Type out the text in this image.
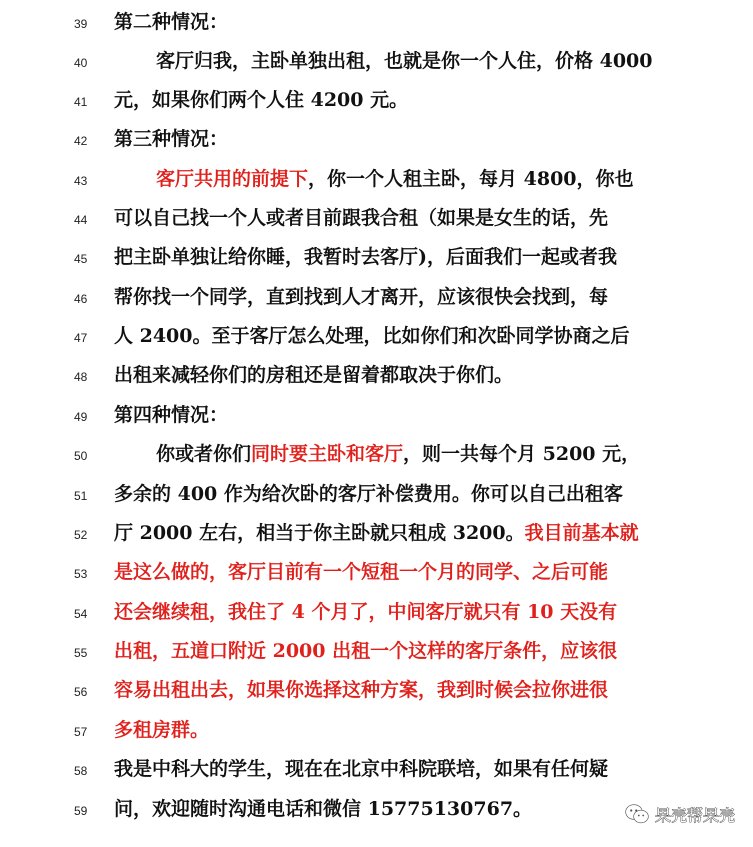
39	第二种情况：
40	客厅归我，主卧单独出租，也就是你一个人住，价格 4000
41	元，如果你们两个人住 4200 元。
42	第三种情况：
43	客厅共用的前提下，你一个人租主卧，每月 4800，你也
44	可以自己找一个人或者目前跟我合租（如果是女生的话，先
45	把主卧单独让给你睡，我暂时去客厅)，后面我们一起或者我
46	帮你找一个同学，直到找到人才离开，应该很快会找到，每
47	人 2400。至于客厅怎么处理，比如你们和次卧同学协商之后
48	出租来减轻你们的房租还是留着都取决于你们。
49	第四种情况：
50	你或者你们同时要主卧和客厅，则一共每个月 5200 元，
51	多余的 400 作为给次卧的客厅补偿费用。你可以自己出租客
52	厅 2000 左右，相当于你主卧就只租成 3200。我目前基本就
53	是这么做的，客厅目前有一个短租一个月的同学、之后可能
54	还会继续租，我住了 4 个月了，中间客厅就只有 10 天没有
55	出租，五道口附近 2000 出租一个这样的客厅条件，应该很
56	容易出租出去，如果你选择这种方案，我到时候会拉你进很
57	多租房群。
58	我是中科大的学生，现在在北京中科院联培，如果有任何疑
59	问，欢迎随时沟通电话和微信 15775130767。	果壳帮果壳
